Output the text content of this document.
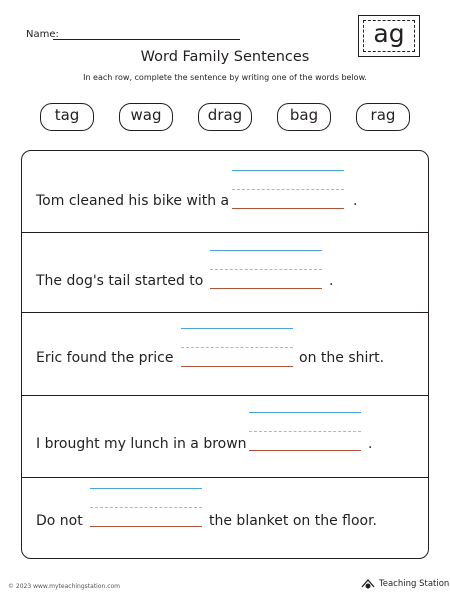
Name:	ag
Word Family Sentences
In each row, complete the sentence by writing one of the words below.
tag	wag	drag	bag	rag
Tom cleaned his bike with a	.
The dog's tail started to	.
Eric found the price	on the shirt.
I brought my lunch in a brown	.
Do not	the blanket on the floor.
© 2023 www.myteachingstation.com	Teaching Station
